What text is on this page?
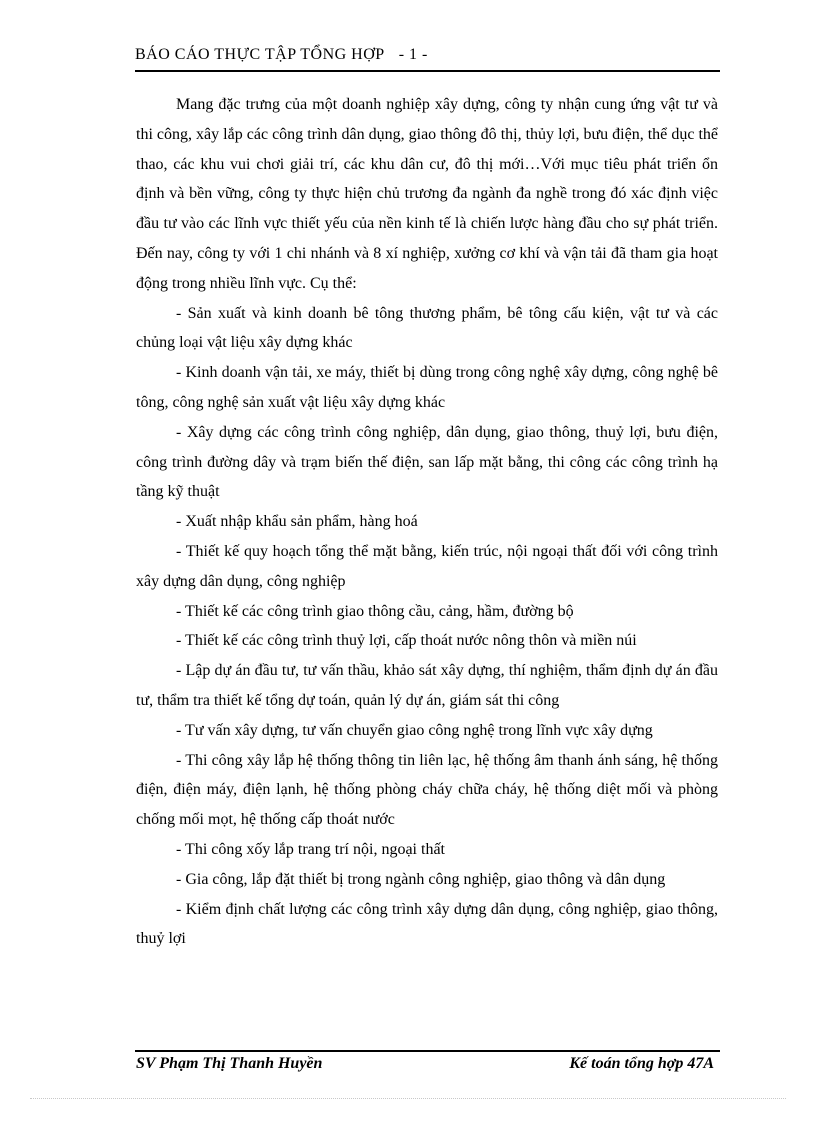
BÁO CÁO THỰC TẬP TỔNG HỢP - 1 -

Mang đặc trưng của một doanh nghiệp xây dựng, công ty nhận cung ứng vật tư và thi công, xây lắp các công trình dân dụng, giao thông đô thị, thủy lợi, bưu điện, thể dục thể thao, các khu vui chơi giải trí, các khu dân cư, đô thị mới…Với mục tiêu phát triển ổn định và bền vững, công ty thực hiện chủ trương đa ngành đa nghề trong đó xác định việc đầu tư vào các lĩnh vực thiết yếu của nền kinh tế là chiến lược hàng đầu cho sự phát triển. Đến nay, công ty với 1 chi nhánh và 8 xí nghiệp, xưởng cơ khí và vận tải đã tham gia hoạt động trong nhiều lĩnh vực. Cụ thể:

- Sản xuất và kinh doanh bê tông thương phẩm, bê tông cấu kiện, vật tư và các chủng loại vật liệu xây dựng khác

- Kinh doanh vận tải, xe máy, thiết bị dùng trong công nghệ xây dựng, công nghệ bê tông, công nghệ sản xuất vật liệu xây dựng khác

- Xây dựng các công trình công nghiệp, dân dụng, giao thông, thuỷ lợi, bưu điện, công trình đường dây và trạm biến thế điện, san lấp mặt bằng, thi công các công trình hạ tầng kỹ thuật

- Xuất nhập khẩu sản phẩm, hàng hoá

- Thiết kế quy hoạch tổng thể mặt bằng, kiến trúc, nội ngoại thất đối với công trình xây dựng dân dụng, công nghiệp

- Thiết kế các công trình giao thông cầu, cảng, hầm, đường bộ

- Thiết kế các công trình thuỷ lợi, cấp thoát nước nông thôn và miền núi

- Lập dự án đầu tư, tư vấn thầu, khảo sát xây dựng, thí nghiệm, thẩm định dự án đầu tư, thẩm tra thiết kế tổng dự toán, quản lý dự án, giám sát thi công

- Tư vấn xây dựng, tư vấn chuyển giao công nghệ trong lĩnh vực xây dựng

- Thi công xây lắp hệ thống thông tin liên lạc, hệ thống âm thanh ánh sáng, hệ thống điện, điện máy, điện lạnh, hệ thống phòng cháy chữa cháy, hệ thống diệt mối và phòng chống mối mọt, hệ thống cấp thoát nước

- Thi công xốy lắp trang trí nội, ngoại thất

- Gia công, lắp đặt thiết bị trong ngành công nghiệp, giao thông và dân dụng

- Kiểm định chất lượng các công trình xây dựng dân dụng, công nghiệp, giao thông, thuỷ lợi

SV Phạm Thị Thanh Huyền	Kế toán tổng hợp 47A
